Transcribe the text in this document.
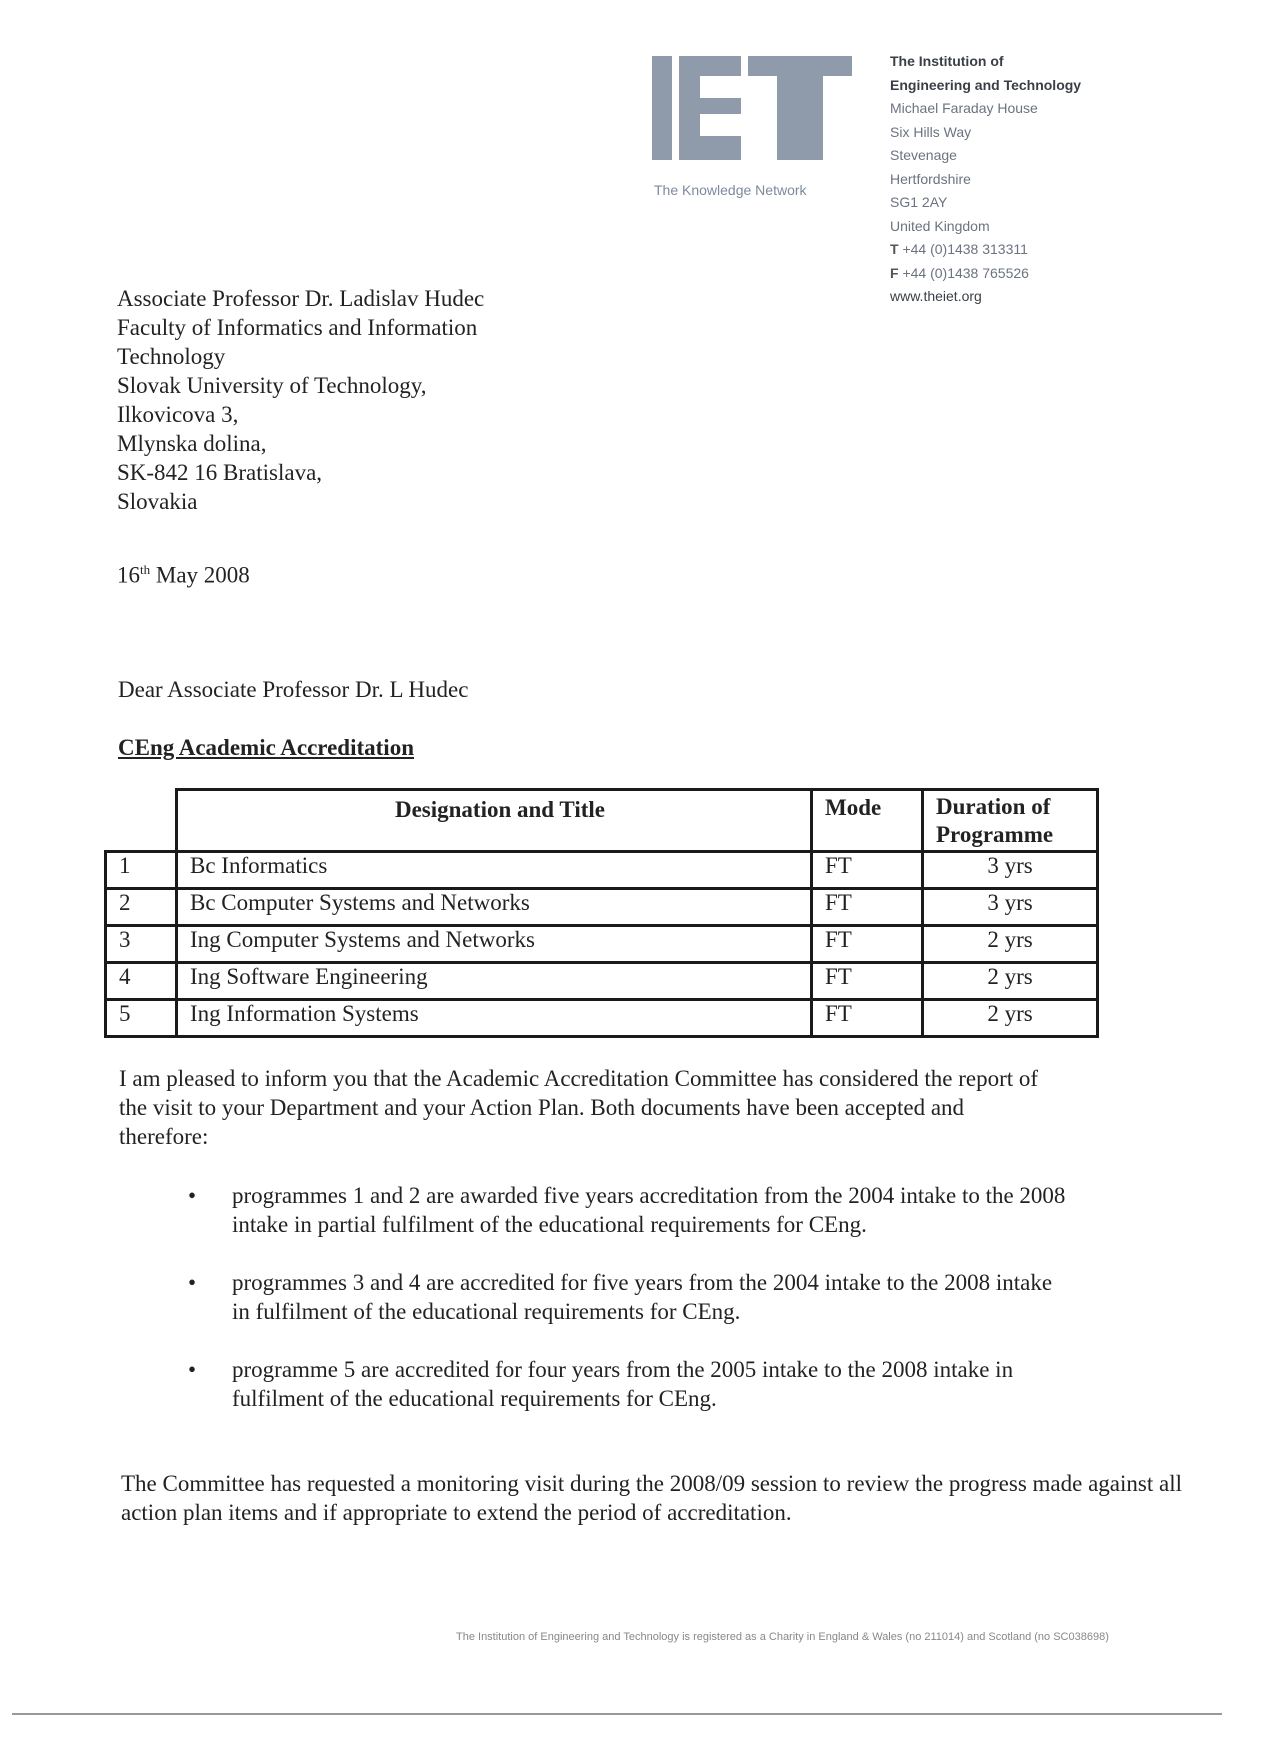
The Knowledge Network
The Institution of
Engineering and Technology
Michael Faraday House
Six Hills Way
Stevenage
Hertfordshire
SG1 2AY
United Kingdom
T +44 (0)1438 313311
F +44 (0)1438 765526
www.theiet.org
Associate Professor Dr. Ladislav Hudec
Faculty of Informatics and Information
Technology
Slovak University of Technology,
Ilkovicova 3,
Mlynska dolina,
SK-842 16 Bratislava,
Slovakia
16th May 2008
Dear Associate Professor Dr. L Hudec
CEng Academic Accreditation
	Designation and Title	Mode	Duration of
Programme

1	Bc Informatics	FT	3 yrs
2	Bc Computer Systems and Networks	FT	3 yrs
3	Ing Computer Systems and Networks	FT	2 yrs
4	Ing Software Engineering	FT	2 yrs
5	Ing Information Systems	FT	2 yrs
I am pleased to inform you that the Academic Accreditation Committee has considered the report of the visit to your Department and your Action Plan. Both documents have been accepted and therefore:
• programmes 1 and 2 are awarded five years accreditation from the 2004 intake to the 2008 intake in partial fulfilment of the educational requirements for CEng.
• programmes 3 and 4 are accredited for five years from the 2004 intake to the 2008 intake in fulfilment of the educational requirements for CEng.
• programme 5 are accredited for four years from the 2005 intake to the 2008 intake in fulfilment of the educational requirements for CEng.
The Committee has requested a monitoring visit during the 2008/09 session to review the progress made against all action plan items and if appropriate to extend the period of accreditation.
The Institution of Engineering and Technology is registered as a Charity in England & Wales (no 211014) and Scotland (no SC038698)
